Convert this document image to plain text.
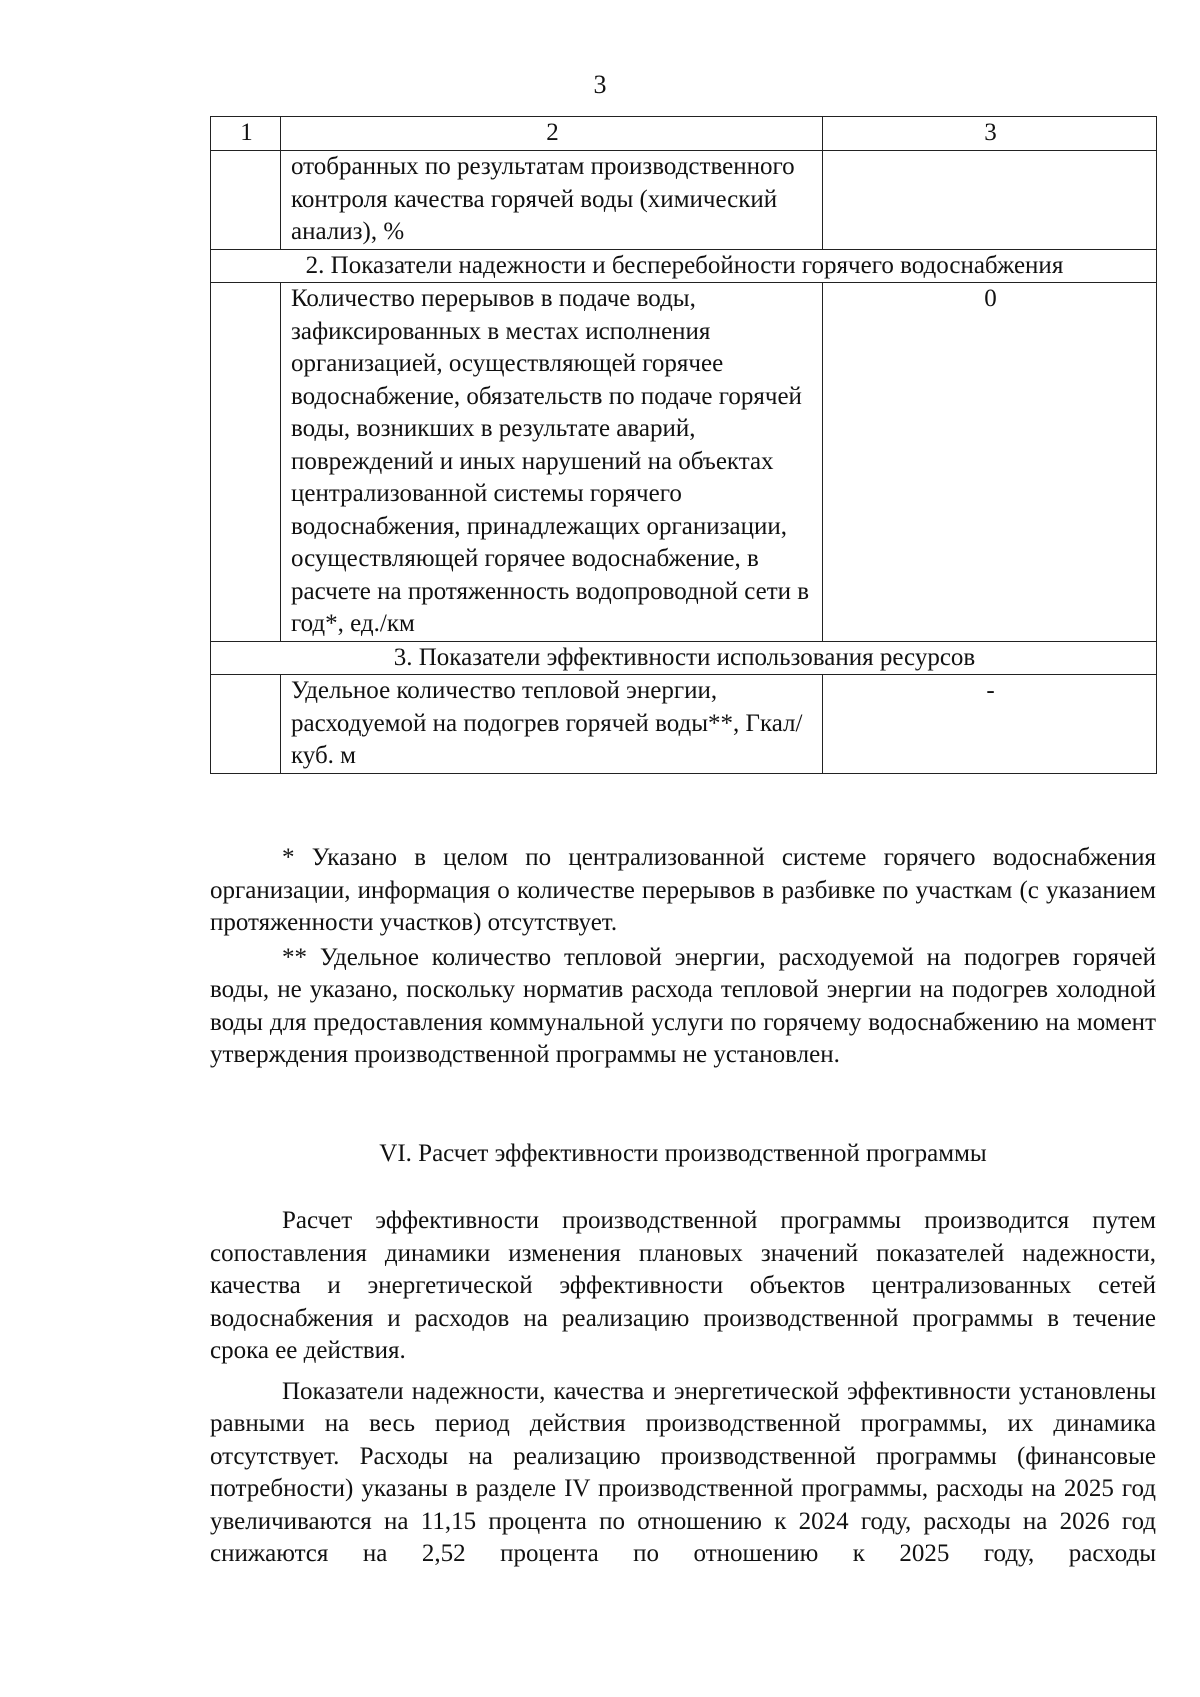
3
1	2	3
	отобранных по результатам производственного контроля качества горячей воды (химический анализ), %	
2. Показатели надежности и бесперебойности горячего водоснабжения		
	Количество перерывов в подаче воды, зафиксированных в местах исполнения организацией, осуществляющей горячее водоснабжение, обязательств по подаче горячей воды, возникших в результате аварий, повреждений и иных нарушений на объектах централизованной системы горячего водоснабжения, принадлежащих организации, осуществляющей горячее водоснабжение, в расчете на протяженность водопроводной сети в год*, ед./км	0
3. Показатели эффективности использования ресурсов		
	Удельное количество тепловой энергии, расходуемой на подогрев горячей воды**, Гкал/ куб. м	-

* Указано в целом по централизованной системе горячего водоснабжения организации, информация о количестве перерывов в разбивке по участкам (с указанием протяженности участков) отсутствует.

** Удельное количество тепловой энергии, расходуемой на подогрев горячей воды, не указано, поскольку норматив расхода тепловой энергии на подогрев холодной воды для предоставления коммунальной услуги по горячему водоснабжению на момент утверждения производственной программы не установлен.

VI. Расчет эффективности производственной программы

Расчет эффективности производственной программы производится путем сопоставления динамики изменения плановых значений показателей надежности, качества и энергетической эффективности объектов централизованных сетей водоснабжения и расходов на реализацию производственной программы в течение срока ее действия.

Показатели надежности, качества и энергетической эффективности установлены равными на весь период действия производственной программы, их динамика отсутствует. Расходы на реализацию производственной программы (финансовые потребности) указаны в разделе IV производственной программы, расходы на 2025 год увеличиваются на 11,15 процента по отношению к 2024 году, расходы на 2026 год снижаются на 2,52 процента по отношению к 2025 году, расходы
